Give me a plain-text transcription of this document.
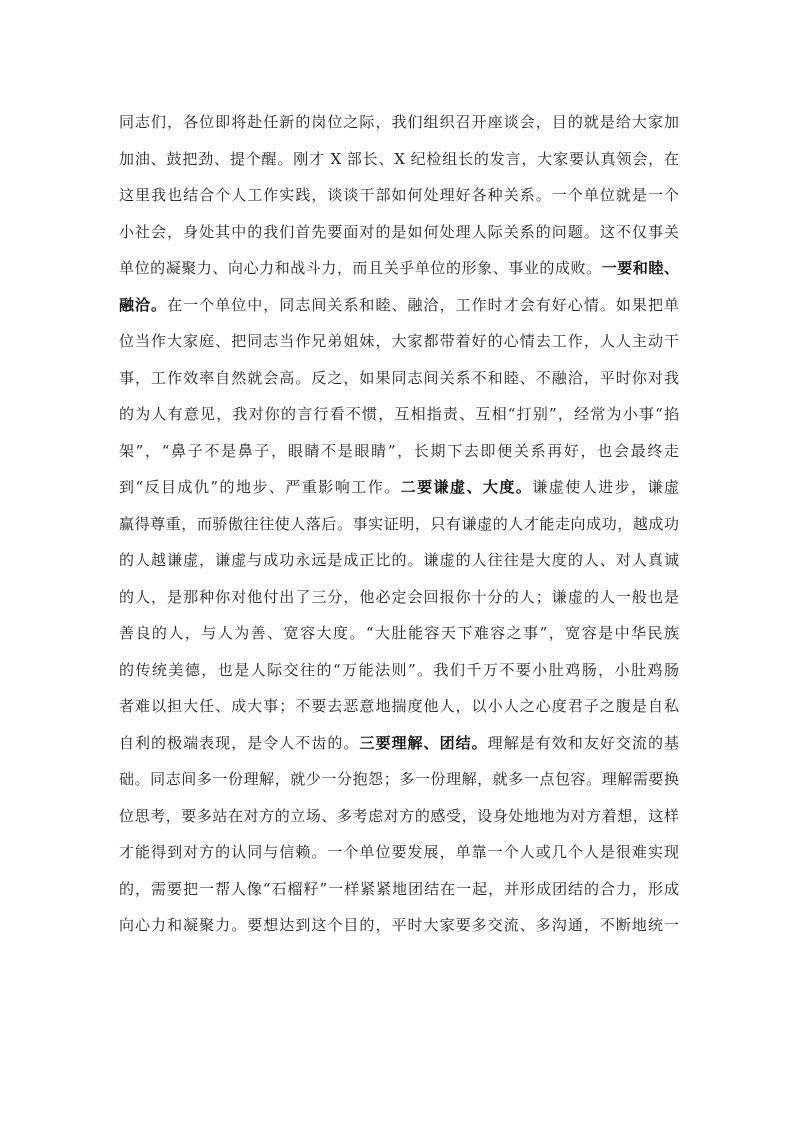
同志们，各位即将赴任新的岗位之际，我们组织召开座谈会，目的就是给大家加
加油、鼓把劲、提个醒。刚才 X 部长、X 纪检组长的发言，大家要认真领会，在
这里我也结合个人工作实践，谈谈干部如何处理好各种关系。一个单位就是一个
小社会，身处其中的我们首先要面对的是如何处理人际关系的问题。这不仅事关
单位的凝聚力、向心力和战斗力，而且关乎单位的形象、事业的成败。一要和睦、
融洽。在一个单位中，同志间关系和睦、融洽，工作时才会有好心情。如果把单
位当作大家庭、把同志当作兄弟姐妹，大家都带着好的心情去工作，人人主动干
事，工作效率自然就会高。反之，如果同志间关系不和睦、不融洽，平时你对我
的为人有意见，我对你的言行看不惯，互相指责、互相“打别”，经常为小事“掐
架”，“鼻子不是鼻子，眼睛不是眼睛”，长期下去即便关系再好，也会最终走
到“反目成仇”的地步、严重影响工作。二要谦虚、大度。谦虚使人进步，谦虚
赢得尊重，而骄傲往往使人落后。事实证明，只有谦虚的人才能走向成功，越成功
的人越谦虚，谦虚与成功永远是成正比的。谦虚的人往往是大度的人、对人真诚
的人，是那种你对他付出了三分，他必定会回报你十分的人；谦虚的人一般也是
善良的人，与人为善、宽容大度。“大肚能容天下难容之事”，宽容是中华民族
的传统美德，也是人际交往的“万能法则”。我们千万不要小肚鸡肠，小肚鸡肠
者难以担大任、成大事；不要去恶意地揣度他人，以小人之心度君子之腹是自私
自利的极端表现，是令人不齿的。三要理解、团结。理解是有效和友好交流的基
础。同志间多一份理解，就少一分抱怨；多一份理解，就多一点包容。理解需要换
位思考，要多站在对方的立场、多考虑对方的感受，设身处地地为对方着想，这样
才能得到对方的认同与信赖。一个单位要发展，单靠一个人或几个人是很难实现
的，需要把一帮人像“石榴籽”一样紧紧地团结在一起，并形成团结的合力，形成
向心力和凝聚力。要想达到这个目的，平时大家要多交流、多沟通，不断地统一
